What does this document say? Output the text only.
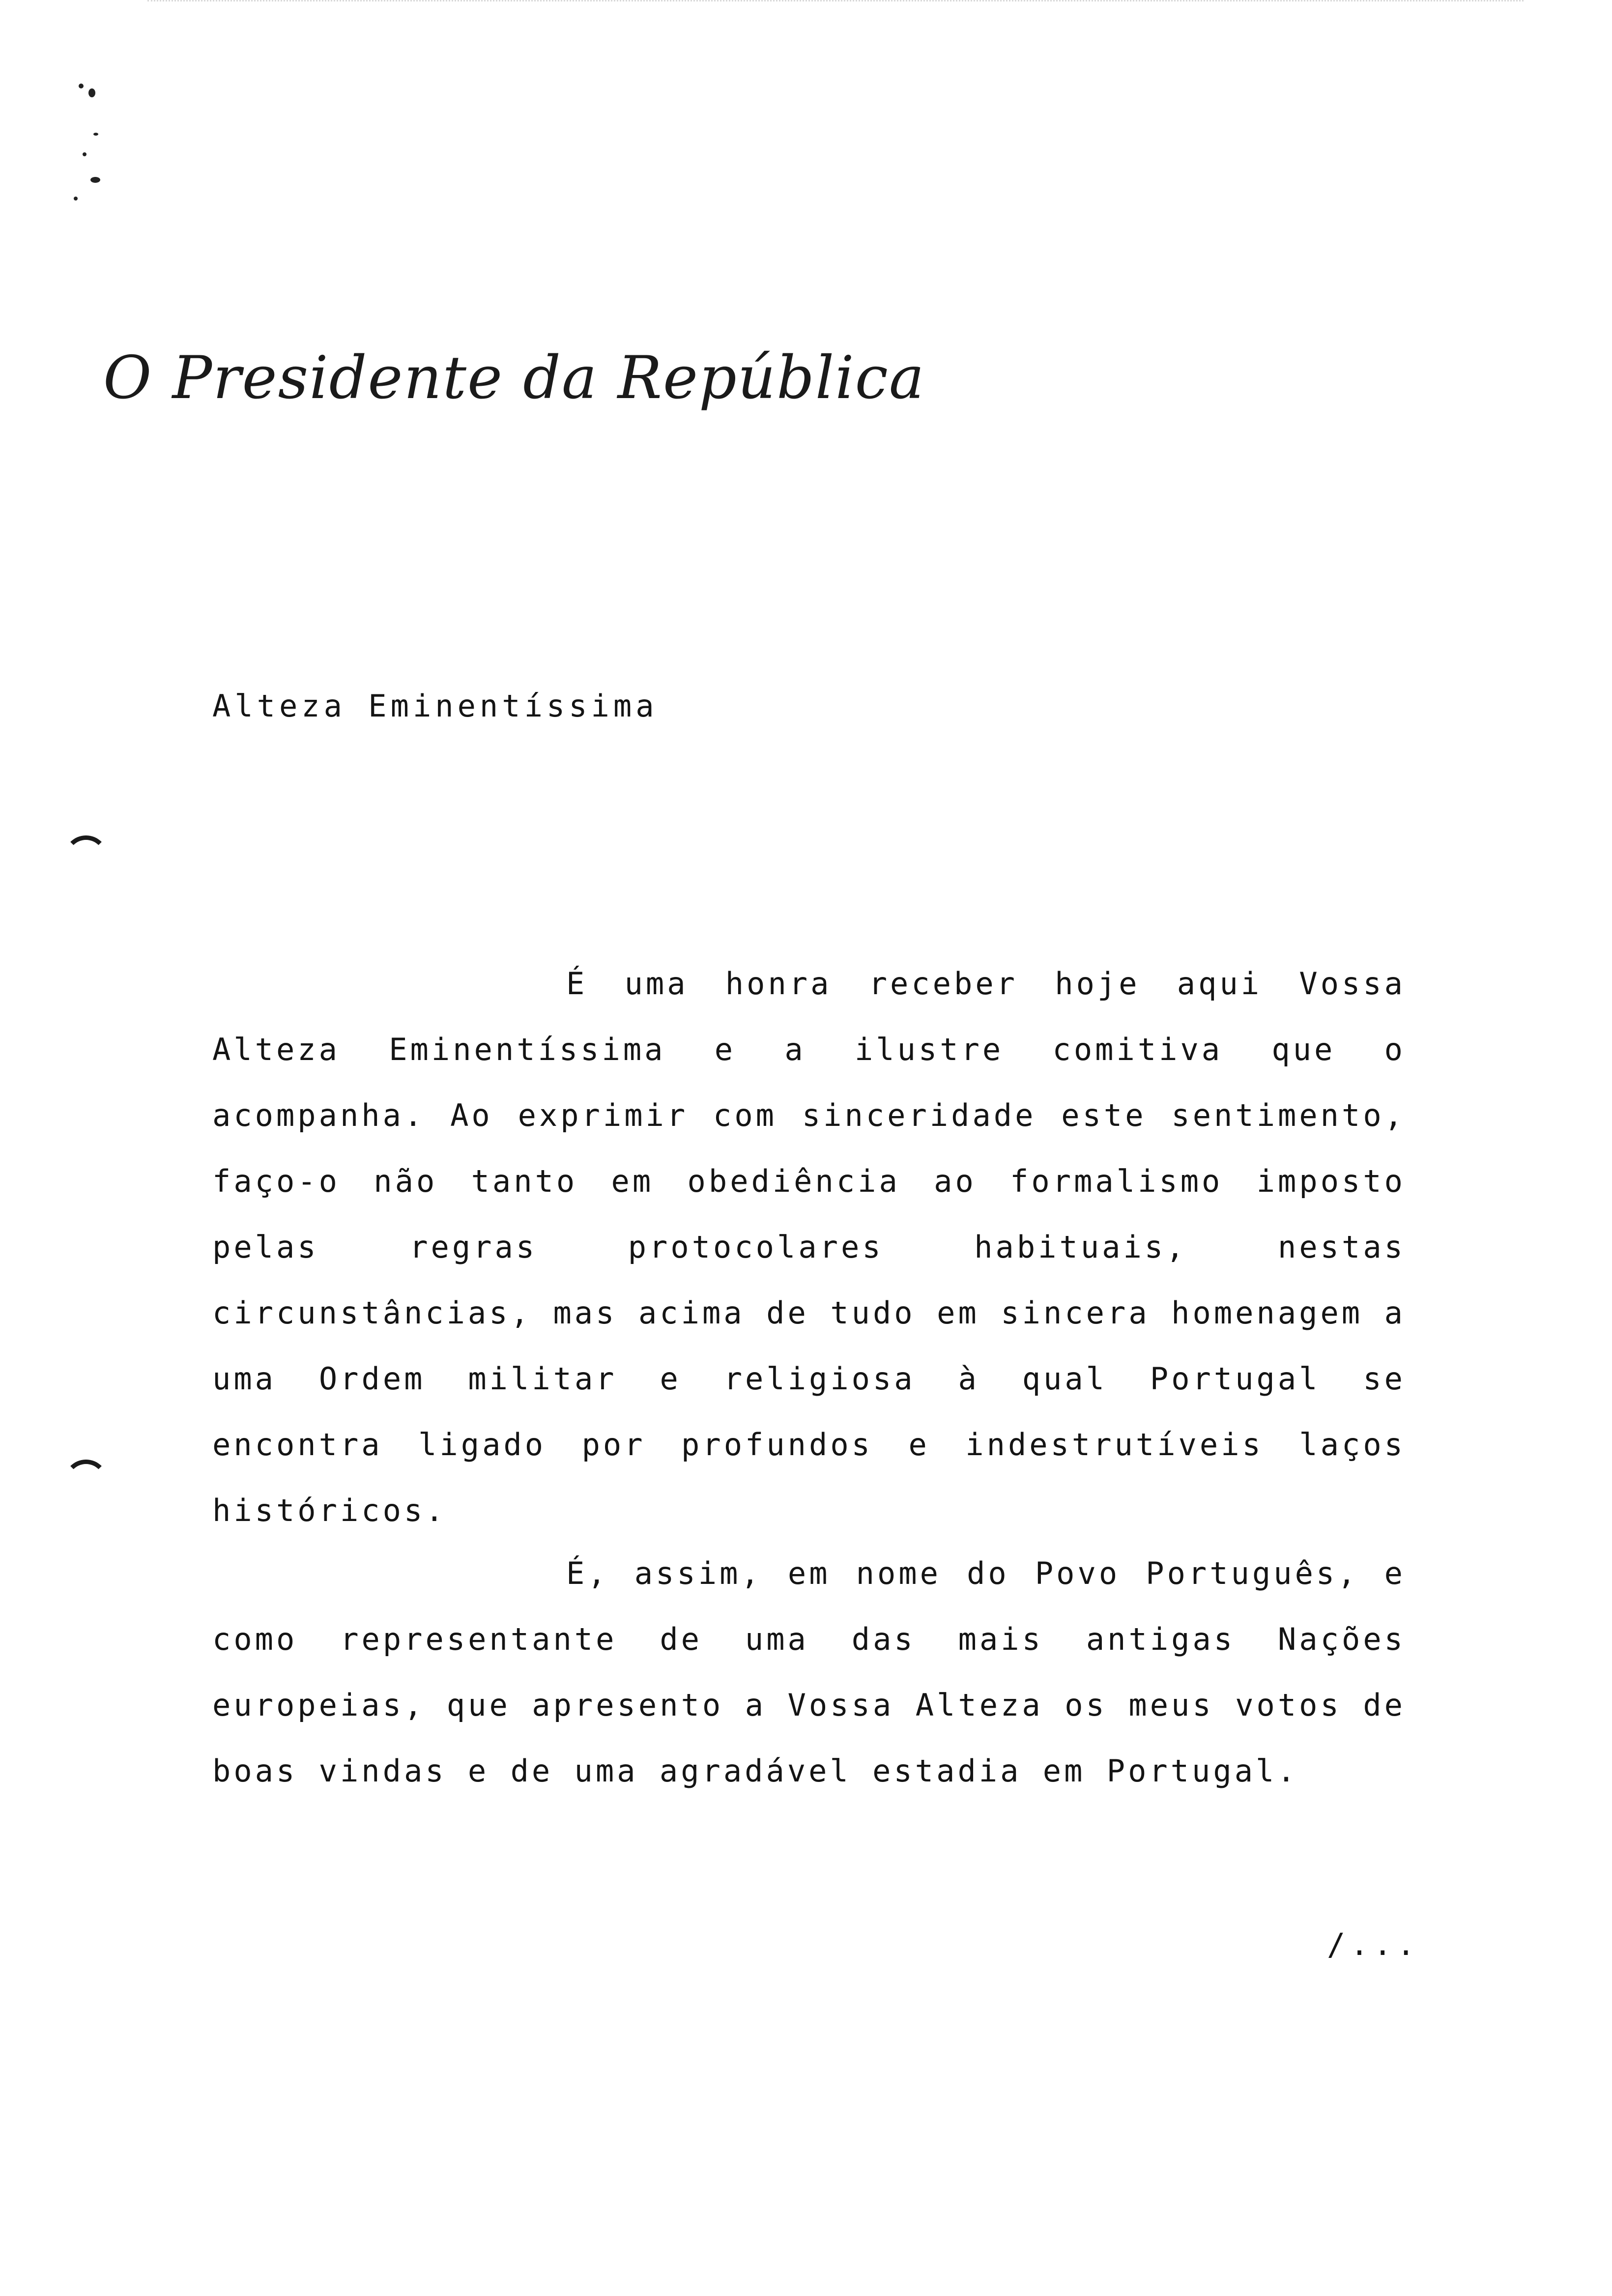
O Presidente da República
Alteza Eminentíssima

É uma honra receber hoje aqui Vossa Alteza Eminentíssima e a ilustre comitiva que o acompanha. Ao exprimir com sinceridade este sentimento, faço-o não tanto em obediência ao formalismo imposto pelas regras protocolares habituais, nestas circunstâncias, mas acima de tudo em sincera homenagem a uma Ordem militar e religiosa à qual Portugal se encontra ligado por profundos e indestrutíveis laços históricos.

É, assim, em nome do Povo Português, e como representante de uma das mais antigas Nações europeias, que apresento a Vossa Alteza os meus votos de boas vindas e de uma agradável estadia em Portugal.

/...
